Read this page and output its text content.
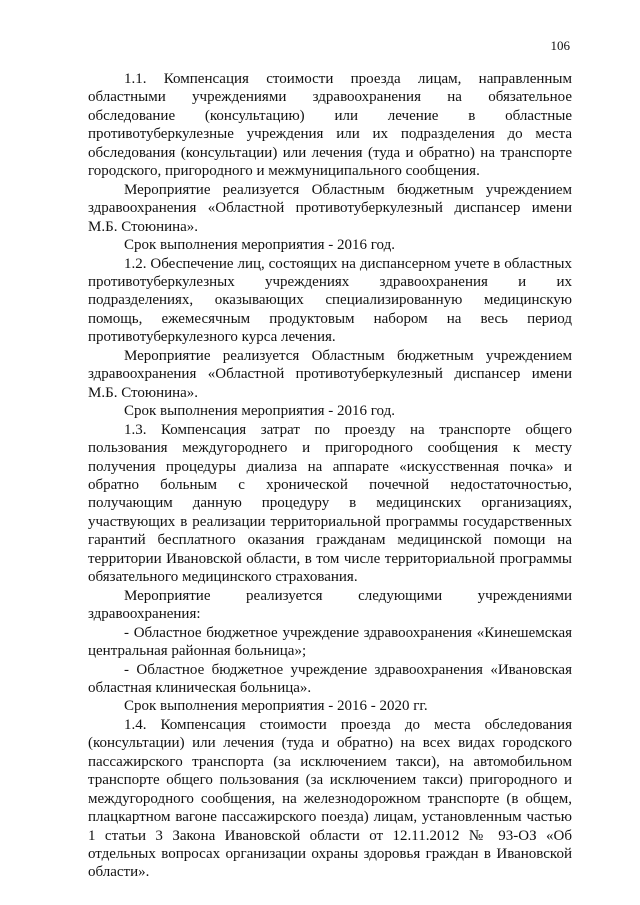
106

1.1. Компенсация стоимости проезда лицам, направленным областными учреждениями здравоохранения на обязательное обследование (консультацию) или лечение в областные противотуберкулезные учреждения или их подразделения до места обследования (консультации) или лечения (туда и обратно) на транспорте городского, пригородного и межмуниципального сообщения.

Мероприятие реализуется Областным бюджетным учреждением здравоохранения «Областной противотуберкулезный диспансер имени М.Б. Стоюнина».

Срок выполнения мероприятия - 2016 год.

1.2. Обеспечение лиц, состоящих на диспансерном учете в областных противотуберкулезных учреждениях здравоохранения и их подразделениях, оказывающих специализированную медицинскую помощь, ежемесячным продуктовым набором на весь период противотуберкулезного курса лечения.

Мероприятие реализуется Областным бюджетным учреждением здравоохранения «Областной противотуберкулезный диспансер имени М.Б. Стоюнина».

Срок выполнения мероприятия - 2016 год.

1.3. Компенсация затрат по проезду на транспорте общего пользования междугороднего и пригородного сообщения к месту получения процедуры диализа на аппарате «искусственная почка» и обратно больным с хронической почечной недостаточностью, получающим данную процедуру в медицинских организациях, участвующих в реализации территориальной программы государственных гарантий бесплатного оказания гражданам медицинской помощи на территории Ивановской области, в том числе территориальной программы обязательного медицинского страхования.

Мероприятие реализуется следующими учреждениями здравоохранения:

- Областное бюджетное учреждение здравоохранения «Кинешемская центральная районная больница»;

- Областное бюджетное учреждение здравоохранения «Ивановская областная клиническая больница».

Срок выполнения мероприятия - 2016 - 2020 гг.

1.4. Компенсация стоимости проезда до места обследования (консультации) или лечения (туда и обратно) на всех видах городского пассажирского транспорта (за исключением такси), на автомобильном транспорте общего пользования (за исключением такси) пригородного и междугородного сообщения, на железнодорожном транспорте (в общем, плацкартном вагоне пассажирского поезда) лицам, установленным частью 1 статьи 3 Закона Ивановской области от 12.11.2012 № 93-ОЗ «Об отдельных вопросах организации охраны здоровья граждан в Ивановской области».
